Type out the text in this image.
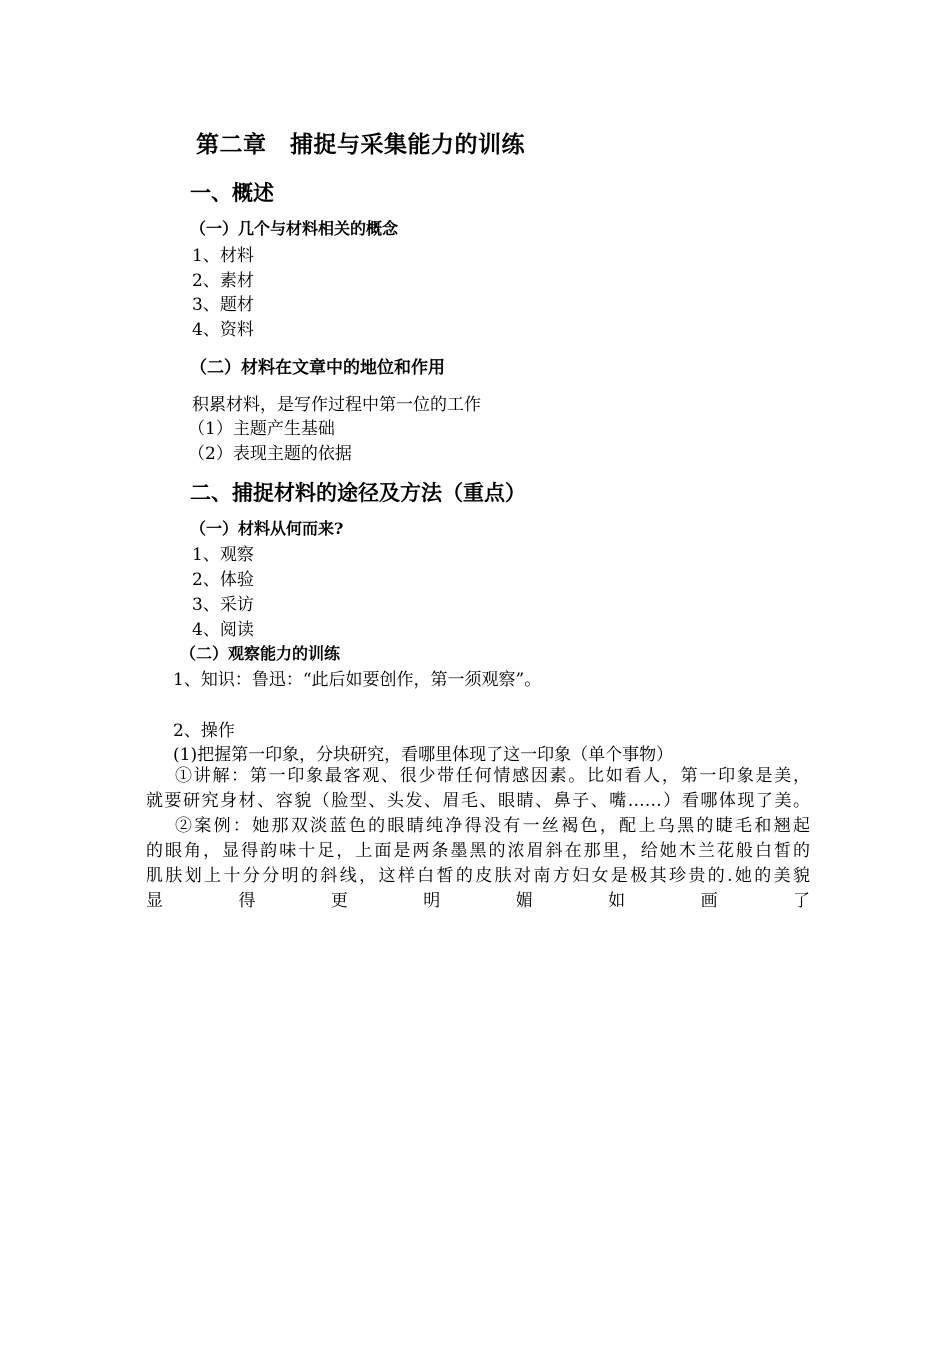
第二章　捕捉与采集能力的训练
一、概述
（一）几个与材料相关的概念
1、材料
2、素材
3、题材
4、资料
（二）材料在文章中的地位和作用
积累材料，是写作过程中第一位的工作
（1）主题产生基础
（2）表现主题的依据
二、捕捉材料的途径及方法（重点）
（一）材料从何而来?
1、观察
2、体验
3、采访
4、阅读
（二）观察能力的训练
1、知识：鲁迅：“此后如要创作，第一须观察”。
2、操作
(1)把握第一印象，分块研究，看哪里体现了这一印象（单个事物）
①讲解：第一印象最客观、很少带任何情感因素。比如看人，第一印象是美，
就要研究身材、容貌（脸型、头发、眉毛、眼睛、鼻子、嘴……）看哪体现了美。
②案例：她那双淡蓝色的眼睛纯净得没有一丝褐色，配上乌黑的睫毛和翘起
的眼角，显得韵味十足，上面是两条墨黑的浓眉斜在那里，给她木兰花般白皙的
肌肤划上十分分明的斜线，这样白皙的皮肤对南方妇女是极其珍贵的.她的美貌
显 得 更 明 媚 如 画 了
